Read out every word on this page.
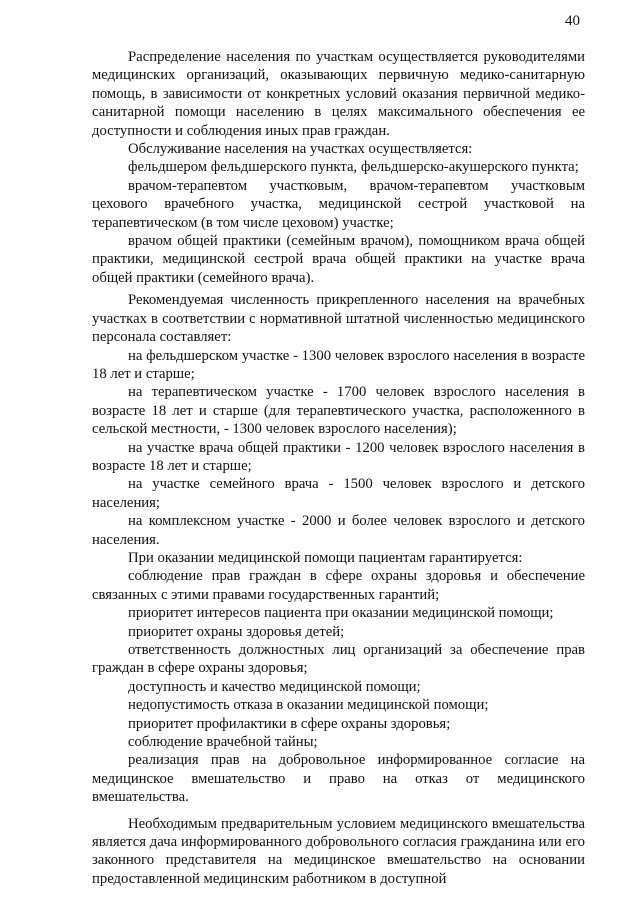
40

Распределение населения по участкам осуществляется руководителями медицинских организаций, оказывающих первичную медико-санитарную помощь, в зависимости от конкретных условий оказания первичной медико-санитарной помощи населению в целях максимального обеспечения ее доступности и соблюдения иных прав граждан.

Обслуживание населения на участках осуществляется:

фельдшером фельдшерского пункта, фельдшерско-акушерского пункта;

врачом-терапевтом участковым, врачом-терапевтом участковым цехового врачебного участка, медицинской сестрой участковой на терапевтическом (в том числе цеховом) участке;

врачом общей практики (семейным врачом), помощником врача общей практики, медицинской сестрой врача общей практики на участке врача общей практики (семейного врача).

Рекомендуемая численность прикрепленного населения на врачебных участках в соответствии с нормативной штатной численностью медицинского персонала составляет:

на фельдшерском участке - 1300 человек взрослого населения в возрасте 18 лет и старше;

на терапевтическом участке - 1700 человек взрослого населения в возрасте 18 лет и старше (для терапевтического участка, расположенного в сельской местности, - 1300 человек взрослого населения);

на участке врача общей практики - 1200 человек взрослого населения в возрасте 18 лет и старше;

на участке семейного врача - 1500 человек взрослого и детского населения;

на комплексном участке - 2000 и более человек взрослого и детского населения.

При оказании медицинской помощи пациентам гарантируется:

соблюдение прав граждан в сфере охраны здоровья и обеспечение связанных с этими правами государственных гарантий;

приоритет интересов пациента при оказании медицинской помощи;

приоритет охраны здоровья детей;

ответственность должностных лиц организаций за обеспечение прав граждан в сфере охраны здоровья;

доступность и качество медицинской помощи;

недопустимость отказа в оказании медицинской помощи;

приоритет профилактики в сфере охраны здоровья;

соблюдение врачебной тайны;

реализация прав на добровольное информированное согласие на медицинское вмешательство и право на отказ от медицинского вмешательства.

Необходимым предварительным условием медицинского вмешательства является дача информированного добровольного согласия гражданина или его законного представителя на медицинское вмешательство на основании предоставленной медицинским работником в доступной
